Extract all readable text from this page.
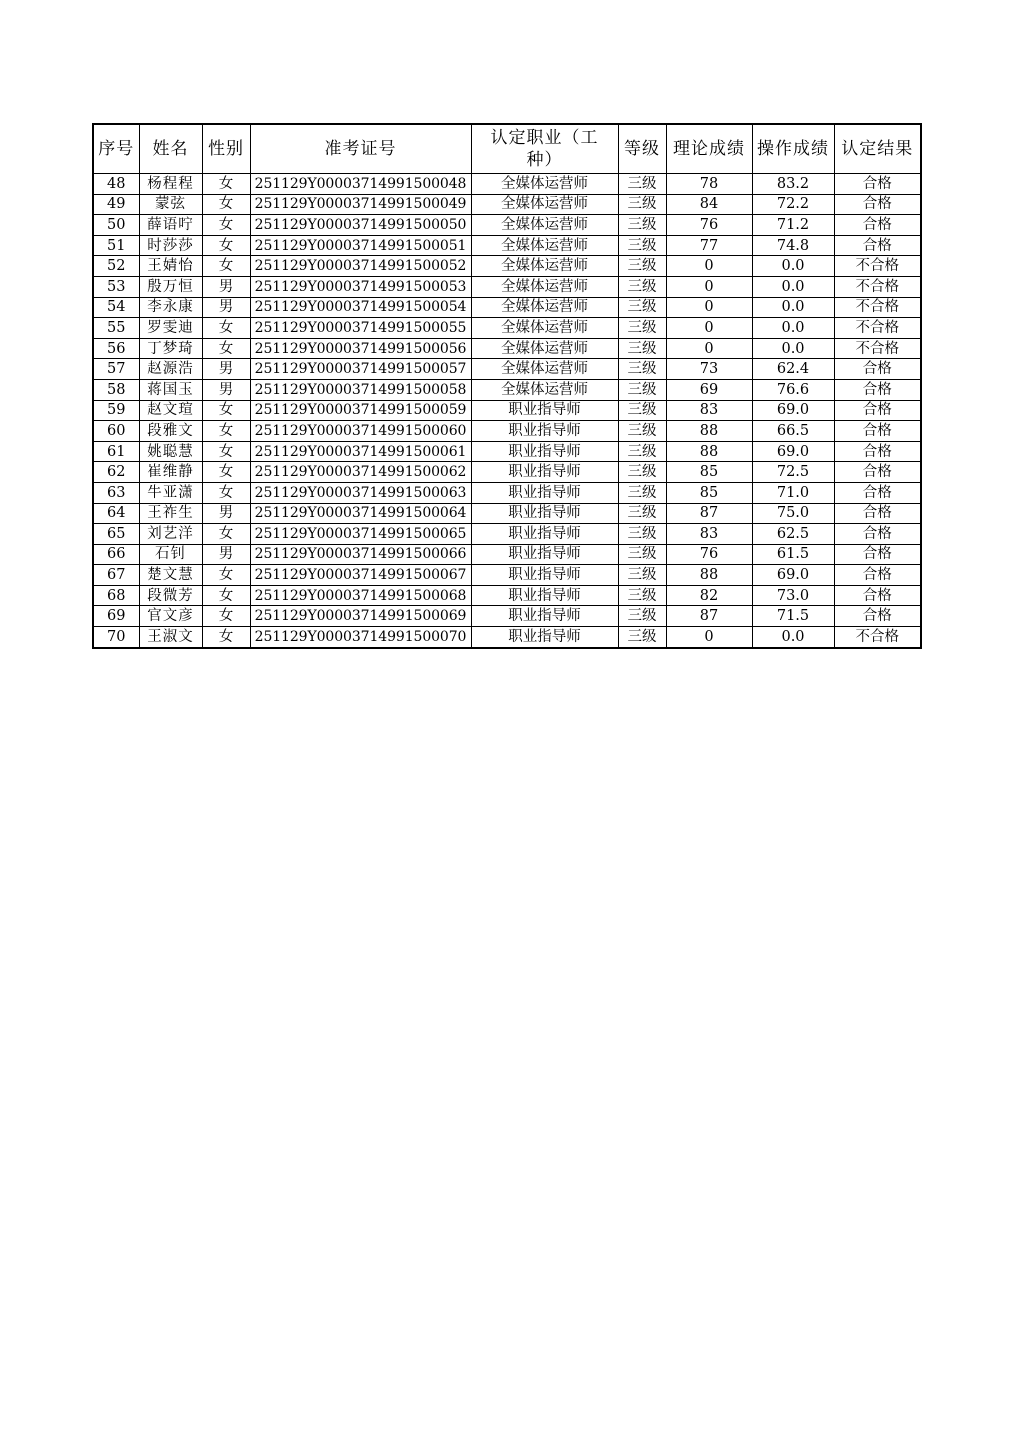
序号	姓名	性别	准考证号	认定职业（工种）	等级	理论成绩	操作成绩	认定结果
48	杨程程	女	251129Y00003714991500048	全媒体运营师	三级	78	83.2	合格
49	蒙弦	女	251129Y00003714991500049	全媒体运营师	三级	84	72.2	合格
50	薛语咛	女	251129Y00003714991500050	全媒体运营师	三级	76	71.2	合格
51	时莎莎	女	251129Y00003714991500051	全媒体运营师	三级	77	74.8	合格
52	王婧怡	女	251129Y00003714991500052	全媒体运营师	三级	0	0.0	不合格
53	殷万恒	男	251129Y00003714991500053	全媒体运营师	三级	0	0.0	不合格
54	李永康	男	251129Y00003714991500054	全媒体运营师	三级	0	0.0	不合格
55	罗雯迪	女	251129Y00003714991500055	全媒体运营师	三级	0	0.0	不合格
56	丁梦琦	女	251129Y00003714991500056	全媒体运营师	三级	0	0.0	不合格
57	赵源浩	男	251129Y00003714991500057	全媒体运营师	三级	73	62.4	合格
58	蒋国玉	男	251129Y00003714991500058	全媒体运营师	三级	69	76.6	合格
59	赵文瑄	女	251129Y00003714991500059	职业指导师	三级	83	69.0	合格
60	段雅文	女	251129Y00003714991500060	职业指导师	三级	88	66.5	合格
61	姚聪慧	女	251129Y00003714991500061	职业指导师	三级	88	69.0	合格
62	崔维静	女	251129Y00003714991500062	职业指导师	三级	85	72.5	合格
63	牛亚潇	女	251129Y00003714991500063	职业指导师	三级	85	71.0	合格
64	王祚生	男	251129Y00003714991500064	职业指导师	三级	87	75.0	合格
65	刘艺洋	女	251129Y00003714991500065	职业指导师	三级	83	62.5	合格
66	石钊	男	251129Y00003714991500066	职业指导师	三级	76	61.5	合格
67	楚文慧	女	251129Y00003714991500067	职业指导师	三级	88	69.0	合格
68	段微芳	女	251129Y00003714991500068	职业指导师	三级	82	73.0	合格
69	官文彦	女	251129Y00003714991500069	职业指导师	三级	87	71.5	合格
70	王淑文	女	251129Y00003714991500070	职业指导师	三级	0	0.0	不合格
